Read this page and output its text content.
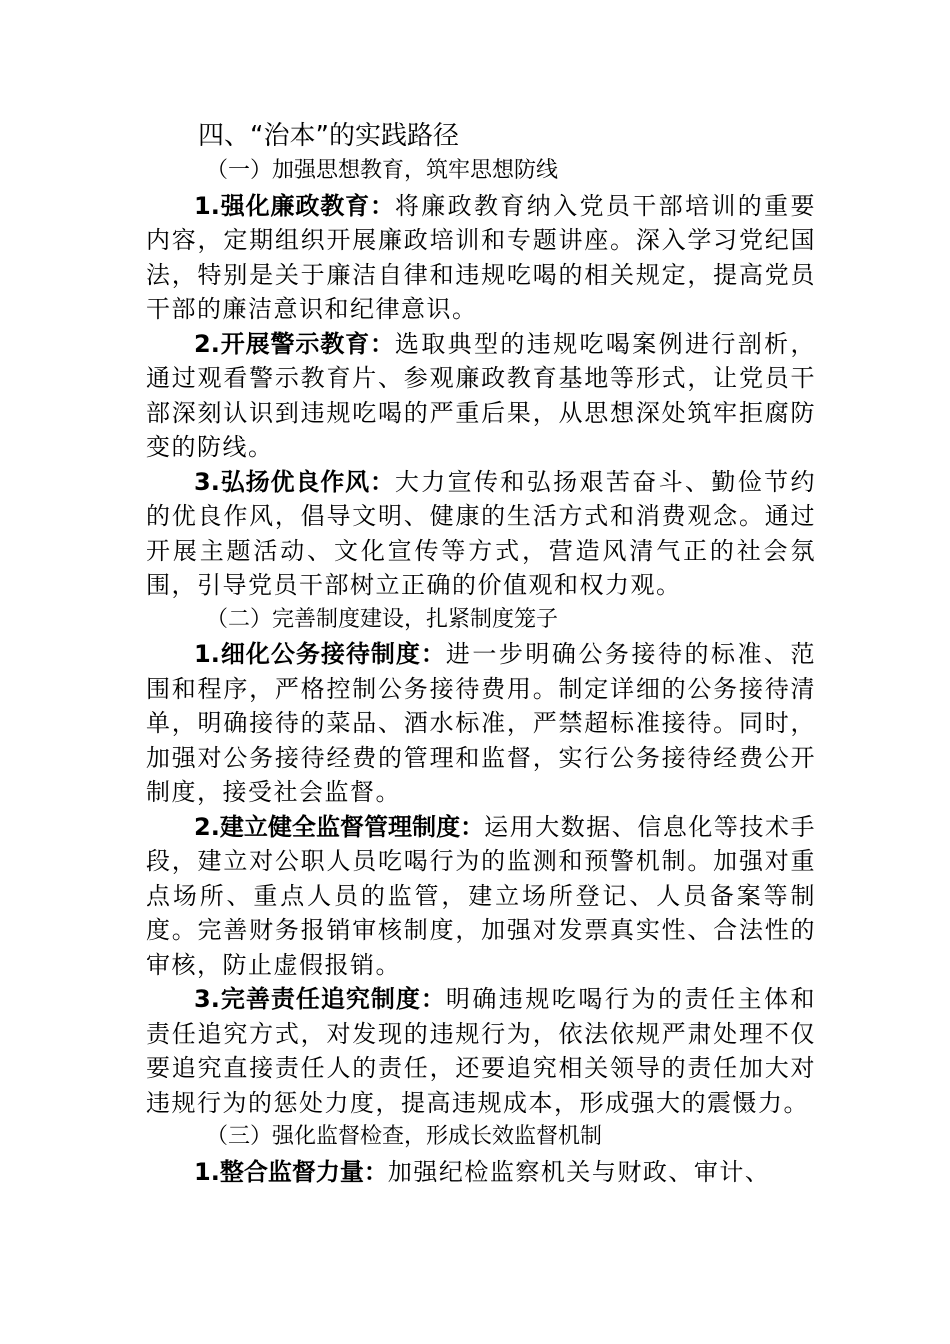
四、“治本”的实践路径

（一）加强思想教育，筑牢思想防线

1.强化廉政教育：将廉政教育纳入党员干部培训的重要内容，定期组织开展廉政培训和专题讲座。深入学习党纪国法，特别是关于廉洁自律和违规吃喝的相关规定，提高党员干部的廉洁意识和纪律意识。

2.开展警示教育：选取典型的违规吃喝案例进行剖析，通过观看警示教育片、参观廉政教育基地等形式，让党员干部深刻认识到违规吃喝的严重后果，从思想深处筑牢拒腐防变的防线。

3.弘扬优良作风：大力宣传和弘扬艰苦奋斗、勤俭节约的优良作风，倡导文明、健康的生活方式和消费观念。通过开展主题活动、文化宣传等方式，营造风清气正的社会氛围，引导党员干部树立正确的价值观和权力观。

（二）完善制度建设，扎紧制度笼子

1.细化公务接待制度：进一步明确公务接待的标准、范围和程序，严格控制公务接待费用。制定详细的公务接待清单，明确接待的菜品、酒水标准，严禁超标准接待。同时，加强对公务接待经费的管理和监督，实行公务接待经费公开制度，接受社会监督。

2.建立健全监督管理制度：运用大数据、信息化等技术手段，建立对公职人员吃喝行为的监测和预警机制。加强对重点场所、重点人员的监管，建立场所登记、人员备案等制度。完善财务报销审核制度，加强对发票真实性、合法性的审核，防止虚假报销。

3.完善责任追究制度：明确违规吃喝行为的责任主体和责任追究方式，对发现的违规行为，依法依规严肃处理不仅要追究直接责任人的责任，还要追究相关领导的责任加大对违规行为的惩处力度，提高违规成本，形成强大的震慑力。

（三）强化监督检查，形成长效监督机制

1.整合监督力量：加强纪检监察机关与财政、审计、
